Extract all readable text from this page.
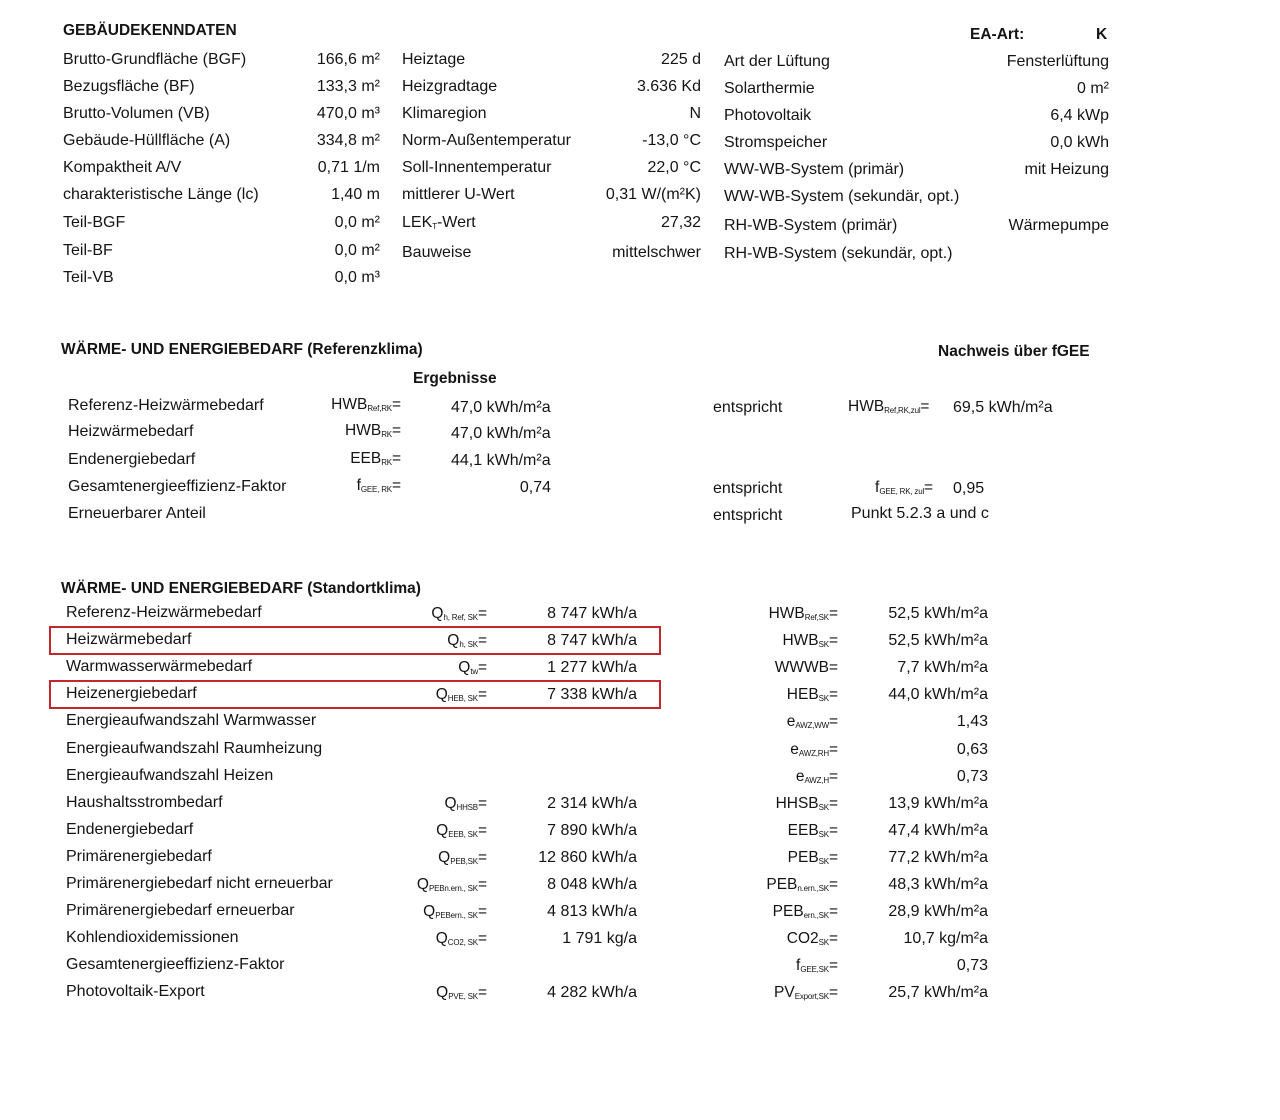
GEBÄUDEKENNDATEN	EA-Art:	K
Brutto-Grundfläche (BGF)	166,6 m²
Bezugsfläche (BF)	133,3 m²
Brutto-Volumen (VB)	470,0 m³
Gebäude-Hüllfläche (A)	334,8 m²
Kompaktheit A/V	0,71 1/m
charakteristische Länge (lc)	1,40 m
Teil-BGF	0,0 m²
Teil-BF	0,0 m²
Teil-VB	0,0 m³
Heiztage	225 d
Heizgradtage	3.636 Kd
Klimaregion	N
Norm-Außentemperatur	-13,0 °C
Soll-Innentemperatur	22,0 °C
mittlerer U-Wert	0,31 W/(m²K)
$LEK_T$-Wert	27,32
Bauweise	mittelschwer
Art der Lüftung	Fensterlüftung
Solarthermie	0 m²
Photovoltaik	6,4 kWp
Stromspeicher	0,0 kWh
WW-WB-System (primär)	mit Heizung
WW-WB-System (sekundär, opt.)
RH-WB-System (primär)	Wärmepumpe
RH-WB-System (sekundär, opt.)
WÄRME- UND ENERGIEBEDARF (Referenzklima)	Nachweis über fGEE
Ergebnisse
Referenz-Heizwärmebedarf	$HWB_{Ref,RK}=$	47,0 kWh/m²a	entspricht	$HWB_{Ref,RK,zul}= 69,5$ kWh/m²a
Heizwärmebedarf	$HWB_{RK}=$	47,0 kWh/m²a
Endenergiebedarf	$EEB_{RK}=$	44,1 kWh/m²a
Gesamtenergieeffizienz-Faktor	$f_{GEE, RK}=$	0,74	entspricht	$f_{GEE, RK, zul}= 0,95$
Erneuerbarer Anteil	entspricht	Punkt 5.2.3 a und c
WÄRME- UND ENERGIEBEDARF (Standortklima)
Referenz-Heizwärmebedarf	$Q_{h, Ref, SK}=$	8 747 kWh/a	$HWB_{Ref,SK}=$	52,5 kWh/m²a
Heizwärmebedarf	$Q_{h, SK}=$	8 747 kWh/a	$HWB_{SK}=$	52,5 kWh/m²a
Warmwasserwärmebedarf	$Q_{tw}=$	1 277 kWh/a	WWWB=	7,7 kWh/m²a
Heizenergiebedarf	$Q_{HEB, SK}=$	7 338 kWh/a	$HEB_{SK}=$	44,0 kWh/m²a
Energieaufwandszahl Warmwasser	$e_{AWZ,WW}=$	1,43
Energieaufwandszahl Raumheizung	$e_{AWZ,RH}=$	0,63
Energieaufwandszahl Heizen	$e_{AWZ,H}=$	0,73
Haushaltsstrombedarf	$Q_{HHSB}=$	2 314 kWh/a	$HHSB_{SK}=$	13,9 kWh/m²a
Endenergiebedarf	$Q_{EEB, SK}=$	7 890 kWh/a	$EEB_{SK}=$	47,4 kWh/m²a
Primärenergiebedarf	$Q_{PEB,SK}=$	12 860 kWh/a	$PEB_{SK}=$	77,2 kWh/m²a
Primärenergiebedarf nicht erneuerbar	$Q_{PEBn.ern., SK}=$	8 048 kWh/a	$PEB_{n.ern.,SK}=$	48,3 kWh/m²a
Primärenergiebedarf erneuerbar	$Q_{PEBern., SK}=$	4 813 kWh/a	$PEB_{ern.,SK}=$	28,9 kWh/m²a
Kohlendioxidemissionen	$Q_{CO2, SK}=$	1 791 kg/a	$CO2_{SK}=$	10,7 kg/m²a
Gesamtenergieeffizienz-Faktor	$f_{GEE,SK}=$	0,73
Photovoltaik-Export	$Q_{PVE, SK}=$	4 282 kWh/a	$PV_{Export,SK}=$	25,7 kWh/m²a
